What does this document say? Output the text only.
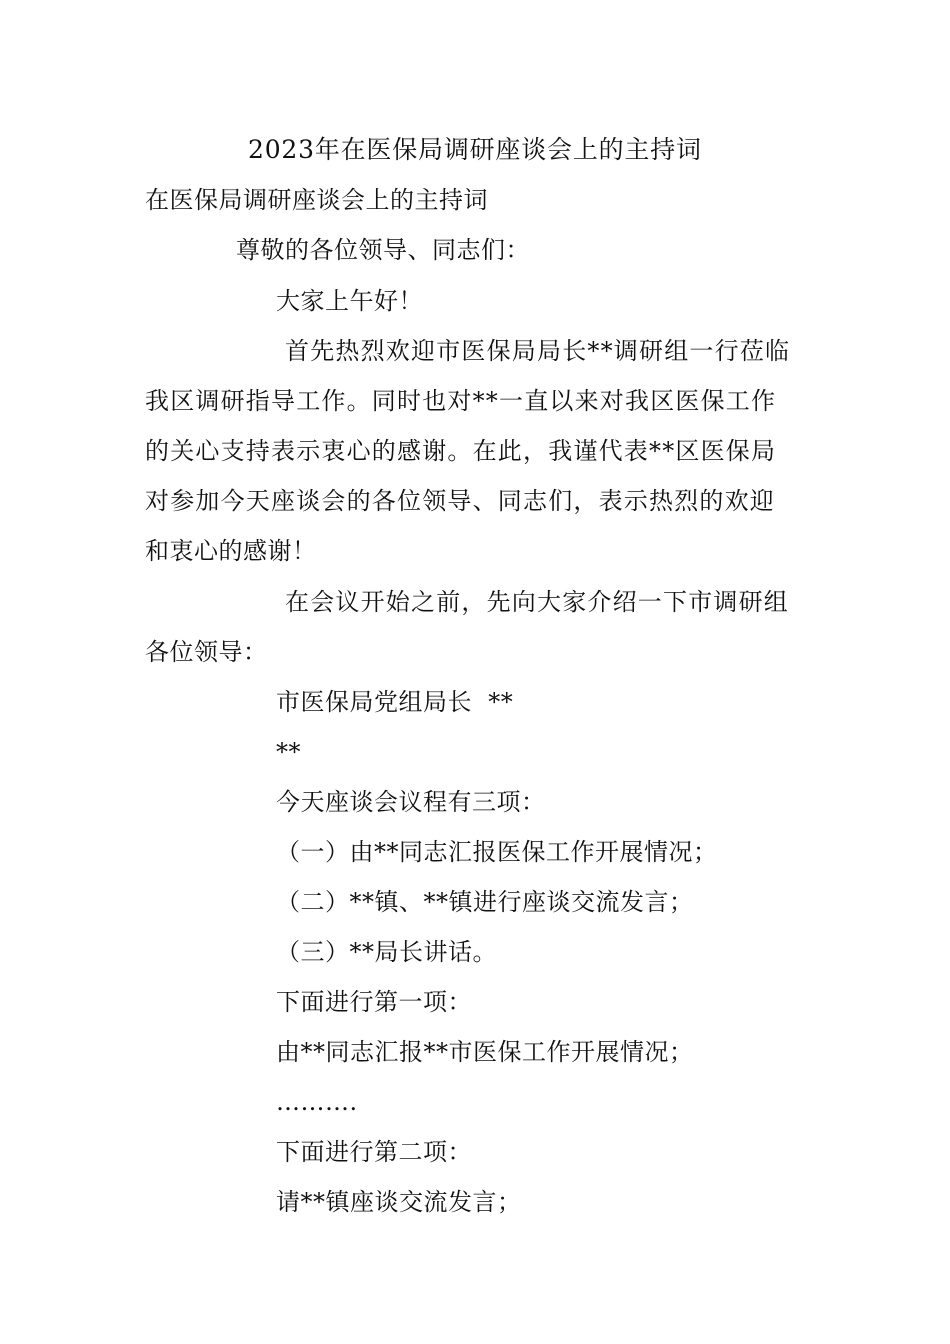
2023年在医保局调研座谈会上的主持词
在医保局调研座谈会上的主持词
尊敬的各位领导、同志们：
大家上午好！
首先热烈欢迎市医保局局长**调研组一行莅临
我区调研指导工作。同时也对**一直以来对我区医保工作
的关心支持表示衷心的感谢。在此，我谨代表**区医保局
对参加今天座谈会的各位领导、同志们，表示热烈的欢迎
和衷心的感谢！
在会议开始之前，先向大家介绍一下市调研组
各位领导：
市医保局党组局长  **
**
今天座谈会议程有三项：
（一）由**同志汇报医保工作开展情况；
（二）**镇、**镇进行座谈交流发言；
（三）**局长讲话。
下面进行第一项：
由**同志汇报**市医保工作开展情况；
……….
下面进行第二项：
请**镇座谈交流发言；
